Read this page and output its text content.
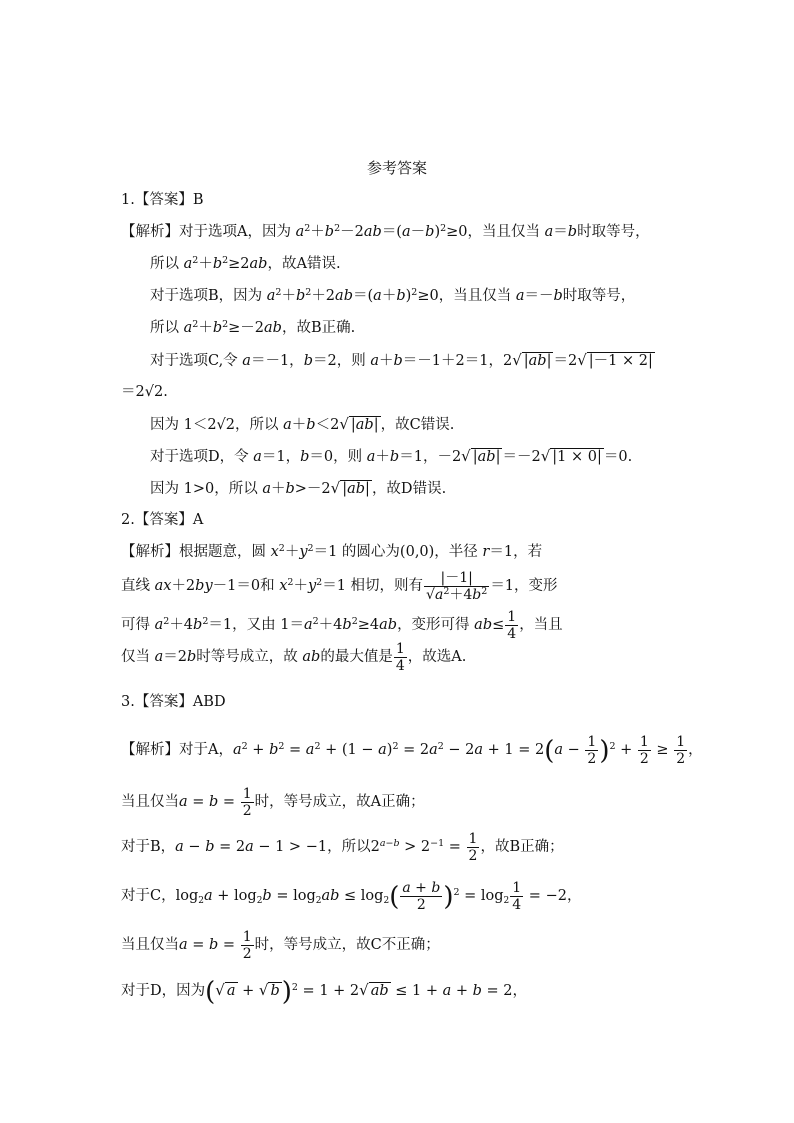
参考答案
1.【答案】B
【解析】对于选项A，因为 $a^2+b^2-2ab=(a-b)^2\ge 0$，当且仅当 a＝b时取等号，
所以 $a^2+b^2\ge 2ab$，故A错误.
对于选项B，因为 $a^2+b^2+2ab=(a+b)^2\ge 0$，当且仅当 a＝－b时取等号，
所以 $a^2+b^2\ge-2ab$，故B正确.
对于选项C,令 a＝－1，b＝2，则 a＋b＝－1＋2＝1，2√ |ab| ＝2√ |－1 × 2|
＝2√2.
因为 1＜2√2，所以 a＋b＜2√ |ab| ，故C错误.
对于选项D，令 a＝1，b＝0，则 a＋b＝1，－2√ |ab| ＝－2√ |1 × 0| ＝0.
因为 1>0，所以 a＋b>－2√ |ab| ，故D错误.
2.【答案】A
【解析】根据题意，圆 $x^2+y^2=1$ 的圆心为(0,0)，半径 r＝1，若
直线 ax＋2by－1＝0和 $x^2+y^2=1$ 相切，则有 $\frac{|-1|}{√a^2+4b^2} =1$，变形
可得 $a^2+4b^2=1$，又由 $1=a^2+4b^2\ge 4ab$，变形可得 $ab\le \frac{1}{4}$ ，当且
仅当 a＝2b时等号成立，故 ab的最大值是 $\frac{1}{4}$ ，故选A.
3.【答案】ABD
【解析】对于A，$a^2 + b^2 = a^2 + (1 - a)^2 = 2a^2 - 2a + 1 = 2(a - \frac{1}{2} )^2 + \frac{1}{2} \ge \frac{1}{2}$ ，
当且仅当$a = b = \frac{1}{2}$ 时，等号成立，故A正确；
对于B，a − b = 2a − 1 > −1，所以$2^{a-b} > 2^{-1} = \frac{1}{2}$ ，故B正确；
对于C，$\log_2a + \log_2b = \log_2ab \le \log_2( \frac{a + b}{2} )^2 = \log_2 \frac{1}{4} = -2$，
当且仅当$a = b = \frac{1}{2}$ 时，等号成立，故C不正确；
对于D，因为(√ a + √ b)$^2$ = 1 + 2√ ab ≤ 1 + a + b = 2，
